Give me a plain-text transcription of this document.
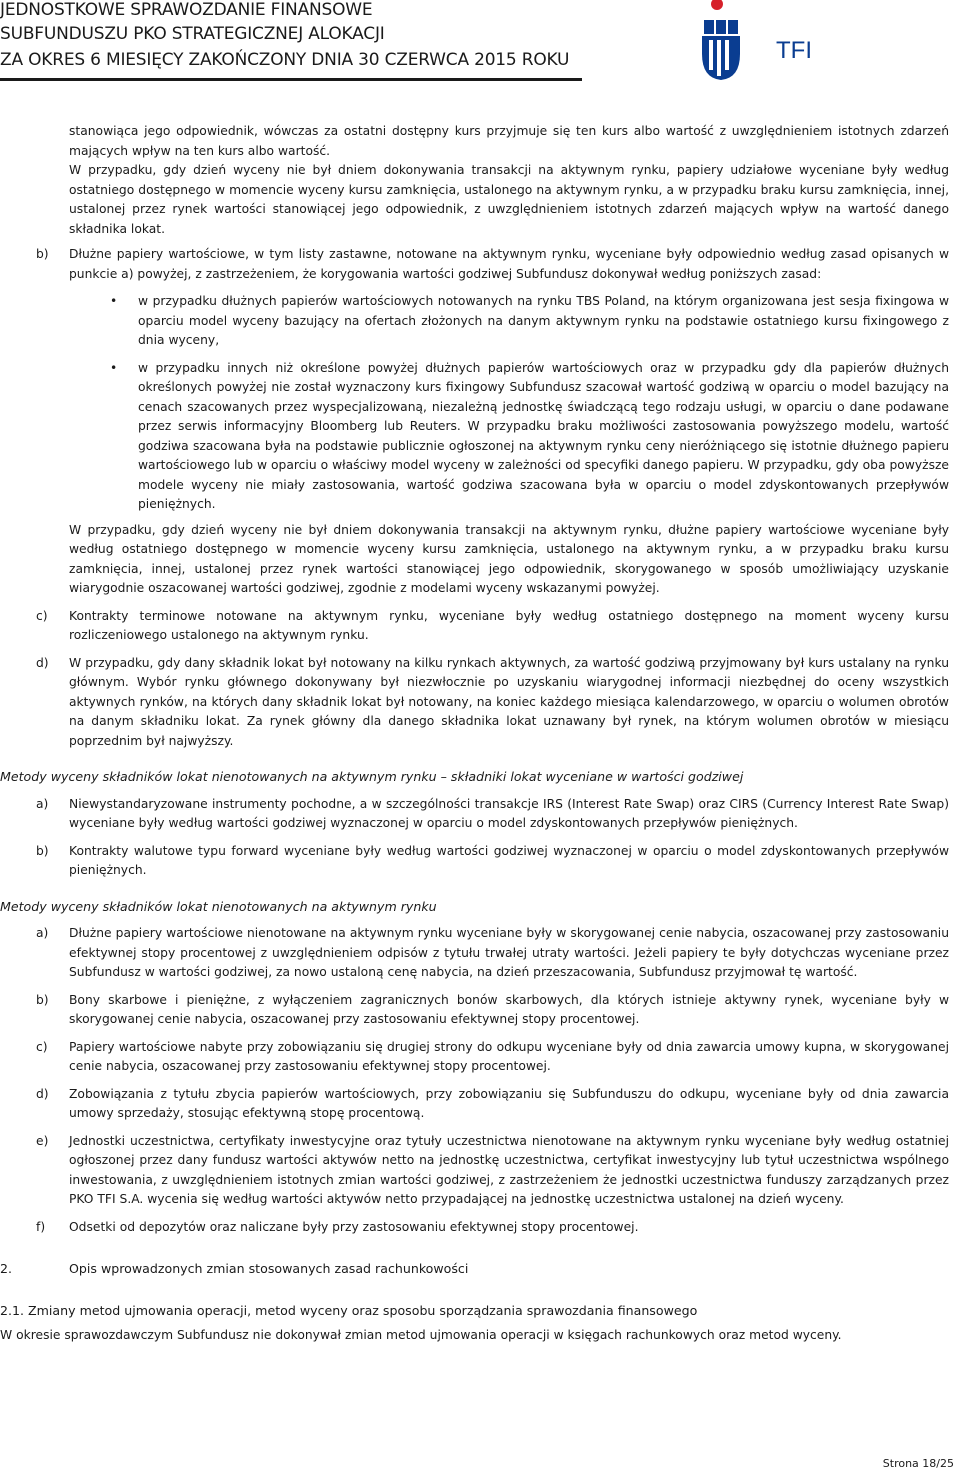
JEDNOSTKOWE SPRAWOZDANIE FINANSOWE
SUBFUNDUSZU PKO STRATEGICZNEJ ALOKACJI
ZA OKRES 6 MIESIĘCY ZAKOŃCZONY DNIA 30 CZERWCA 2015 ROKU	TFI
stanowiąca jego odpowiednik, wówczas za ostatni dostępny kurs przyjmuje się ten kurs albo wartość z uwzględnieniem istotnych zdarzeń mających wpływ na ten kurs albo wartość.
W przypadku, gdy dzień wyceny nie był dniem dokonywania transakcji na aktywnym rynku, papiery udziałowe wyceniane były według ostatniego dostępnego w momencie wyceny kursu zamknięcia, ustalonego na aktywnym rynku, a w przypadku braku kursu zamknięcia, innej, ustalonej przez rynek wartości stanowiącej jego odpowiednik, z uwzględnieniem istotnych zdarzeń mających wpływ na wartość danego składnika lokat.
b) Dłużne papiery wartościowe, w tym listy zastawne, notowane na aktywnym rynku, wyceniane były odpowiednio według zasad opisanych w punkcie a) powyżej, z zastrzeżeniem, że korygowania wartości godziwej Subfundusz dokonywał według poniższych zasad:
• w przypadku dłużnych papierów wartościowych notowanych na rynku TBS Poland, na którym organizowana jest sesja fixingowa w oparciu model wyceny bazujący na ofertach złożonych na danym aktywnym rynku na podstawie ostatniego kursu fixingowego z dnia wyceny,
• w przypadku innych niż określone powyżej dłużnych papierów wartościowych oraz w przypadku gdy dla papierów dłużnych określonych powyżej nie został wyznaczony kurs fixingowy Subfundusz szacował wartość godziwą w oparciu o model bazujący na cenach szacowanych przez wyspecjalizowaną, niezależną jednostkę świadczącą tego rodzaju usługi, w oparciu o dane podawane przez serwis informacyjny Bloomberg lub Reuters. W przypadku braku możliwości zastosowania powyższego modelu, wartość godziwa szacowana była na podstawie publicznie ogłoszonej na aktywnym rynku ceny nieróżniącego się istotnie dłużnego papieru wartościowego lub w oparciu o właściwy model wyceny w zależności od specyfiki danego papieru. W przypadku, gdy oba powyższe modele wyceny nie miały zastosowania, wartość godziwa szacowana była w oparciu o model zdyskontowanych przepływów pieniężnych.
W przypadku, gdy dzień wyceny nie był dniem dokonywania transakcji na aktywnym rynku, dłużne papiery wartościowe wyceniane były według ostatniego dostępnego w momencie wyceny kursu zamknięcia, ustalonego na aktywnym rynku, a w przypadku braku kursu zamknięcia, innej, ustalonej przez rynek wartości stanowiącej jego odpowiednik, skorygowanego w sposób umożliwiający uzyskanie wiarygodnie oszacowanej wartości godziwej, zgodnie z modelami wyceny wskazanymi powyżej.
c) Kontrakty terminowe notowane na aktywnym rynku, wyceniane były według ostatniego dostępnego na moment wyceny kursu rozliczeniowego ustalonego na aktywnym rynku.
d) W przypadku, gdy dany składnik lokat był notowany na kilku rynkach aktywnych, za wartość godziwą przyjmowany był kurs ustalany na rynku głównym. Wybór rynku głównego dokonywany był niezwłocznie po uzyskaniu wiarygodnej informacji niezbędnej do oceny wszystkich aktywnych rynków, na których dany składnik lokat był notowany, na koniec każdego miesiąca kalendarzowego, w oparciu o wolumen obrotów na danym składniku lokat. Za rynek główny dla danego składnika lokat uznawany był rynek, na którym wolumen obrotów w miesiącu poprzednim był najwyższy.
Metody wyceny składników lokat nienotowanych na aktywnym rynku – składniki lokat wyceniane w wartości godziwej
a) Niewystandaryzowane instrumenty pochodne, a w szczególności transakcje IRS (Interest Rate Swap) oraz CIRS (Currency Interest Rate Swap) wyceniane były według wartości godziwej wyznaczonej w oparciu o model zdyskontowanych przepływów pieniężnych.
b) Kontrakty walutowe typu forward wyceniane były według wartości godziwej wyznaczonej w oparciu o model zdyskontowanych przepływów pieniężnych.
Metody wyceny składników lokat nienotowanych na aktywnym rynku
a) Dłużne papiery wartościowe nienotowane na aktywnym rynku wyceniane były w skorygowanej cenie nabycia, oszacowanej przy zastosowaniu efektywnej stopy procentowej z uwzględnieniem odpisów z tytułu trwałej utraty wartości. Jeżeli papiery te były dotychczas wyceniane przez Subfundusz w wartości godziwej, za nowo ustaloną cenę nabycia, na dzień przeszacowania, Subfundusz przyjmował tę wartość.
b) Bony skarbowe i pieniężne, z wyłączeniem zagranicznych bonów skarbowych, dla których istnieje aktywny rynek, wyceniane były w skorygowanej cenie nabycia, oszacowanej przy zastosowaniu efektywnej stopy procentowej.
c) Papiery wartościowe nabyte przy zobowiązaniu się drugiej strony do odkupu wyceniane były od dnia zawarcia umowy kupna, w skorygowanej cenie nabycia, oszacowanej przy zastosowaniu efektywnej stopy procentowej.
d) Zobowiązania z tytułu zbycia papierów wartościowych, przy zobowiązaniu się Subfunduszu do odkupu, wyceniane były od dnia zawarcia umowy sprzedaży, stosując efektywną stopę procentową.
e) Jednostki uczestnictwa, certyfikaty inwestycyjne oraz tytuły uczestnictwa nienotowane na aktywnym rynku wyceniane były według ostatniej ogłoszonej przez dany fundusz wartości aktywów netto na jednostkę uczestnictwa, certyfikat inwestycyjny lub tytuł uczestnictwa wspólnego inwestowania, z uwzględnieniem istotnych zmian wartości godziwej, z zastrzeżeniem że jednostki uczestnictwa funduszy zarządzanych przez PKO TFI S.A. wycenia się według wartości aktywów netto przypadającej na jednostkę uczestnictwa ustalonej na dzień wyceny.
f) Odsetki od depozytów oraz naliczane były przy zastosowaniu efektywnej stopy procentowej.
2.	Opis wprowadzonych zmian stosowanych zasad rachunkowości
2.1. Zmiany metod ujmowania operacji, metod wyceny oraz sposobu sporządzania sprawozdania finansowego
W okresie sprawozdawczym Subfundusz nie dokonywał zmian metod ujmowania operacji w księgach rachunkowych oraz metod wyceny.
Strona 18/25
